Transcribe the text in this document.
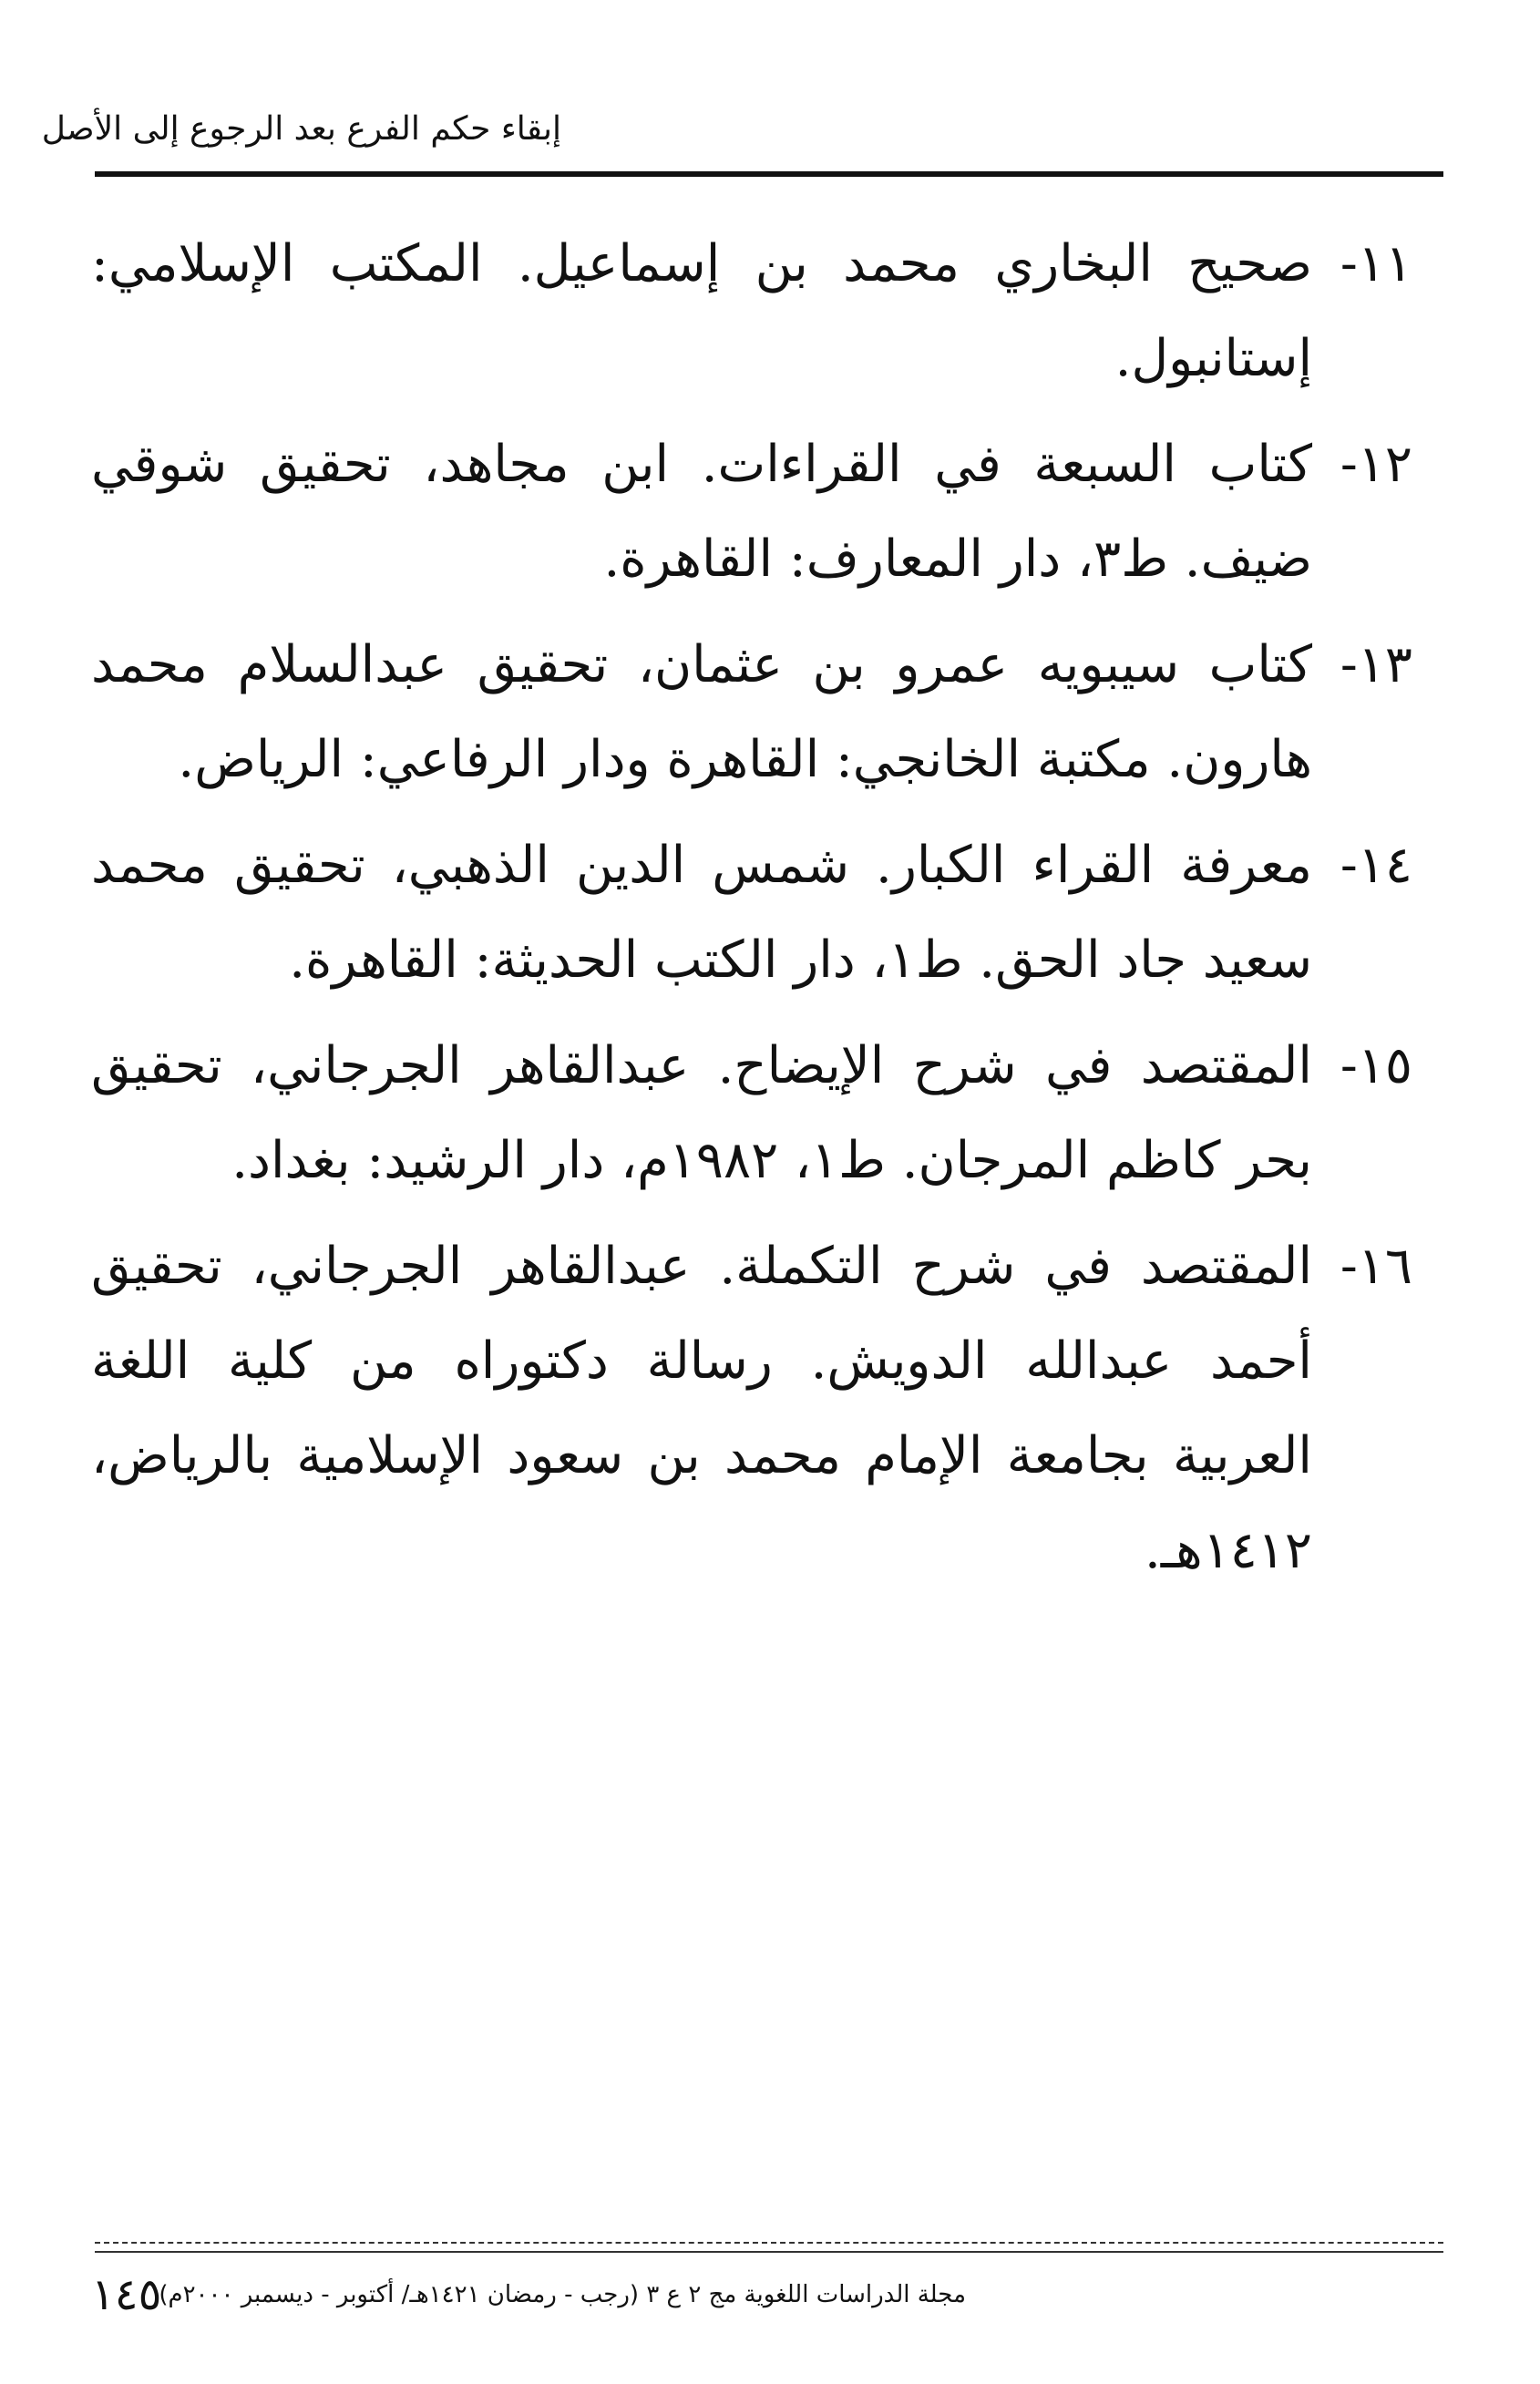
إبقاء حكم الفرع بعد الرجوع إلى الأصل
١١-
صحيح البخاري محمد بن إسماعيل. المكتب الإسلامي: إستانبول.
١٢-
كتاب السبعة في القراءات. ابن مجاهد، تحقيق شوقي ضيف. ط٣، دار المعارف: القاهرة.
١٣-
كتاب سيبويه عمرو بن عثمان، تحقيق عبدالسلام محمد هارون. مكتبة الخانجي: القاهرة ودار الرفاعي: الرياض.
١٤-
معرفة القراء الكبار. شمس الدين الذهبي، تحقيق محمد سعيد جاد الحق. ط١، دار الكتب الحديثة: القاهرة.
١٥-
المقتصد في شرح الإيضاح. عبدالقاهر الجرجاني، تحقيق بحر كاظم المرجان. ط١، ١٩٨٢م، دار الرشيد: بغداد.
١٦-
المقتصد في شرح التكملة. عبدالقاهر الجرجاني، تحقيق أحمد عبدالله الدويش. رسالة دكتوراه من كلية اللغة العربية بجامعة الإمام محمد بن سعود الإسلامية بالرياض، ١٤١٢هـ.
١٤٥
مجلة الدراسات اللغوية مج ٢ ع ٣ (رجب - رمضان ١٤٢١هـ/ أكتوبر - ديسمبر ٢٠٠٠م)
